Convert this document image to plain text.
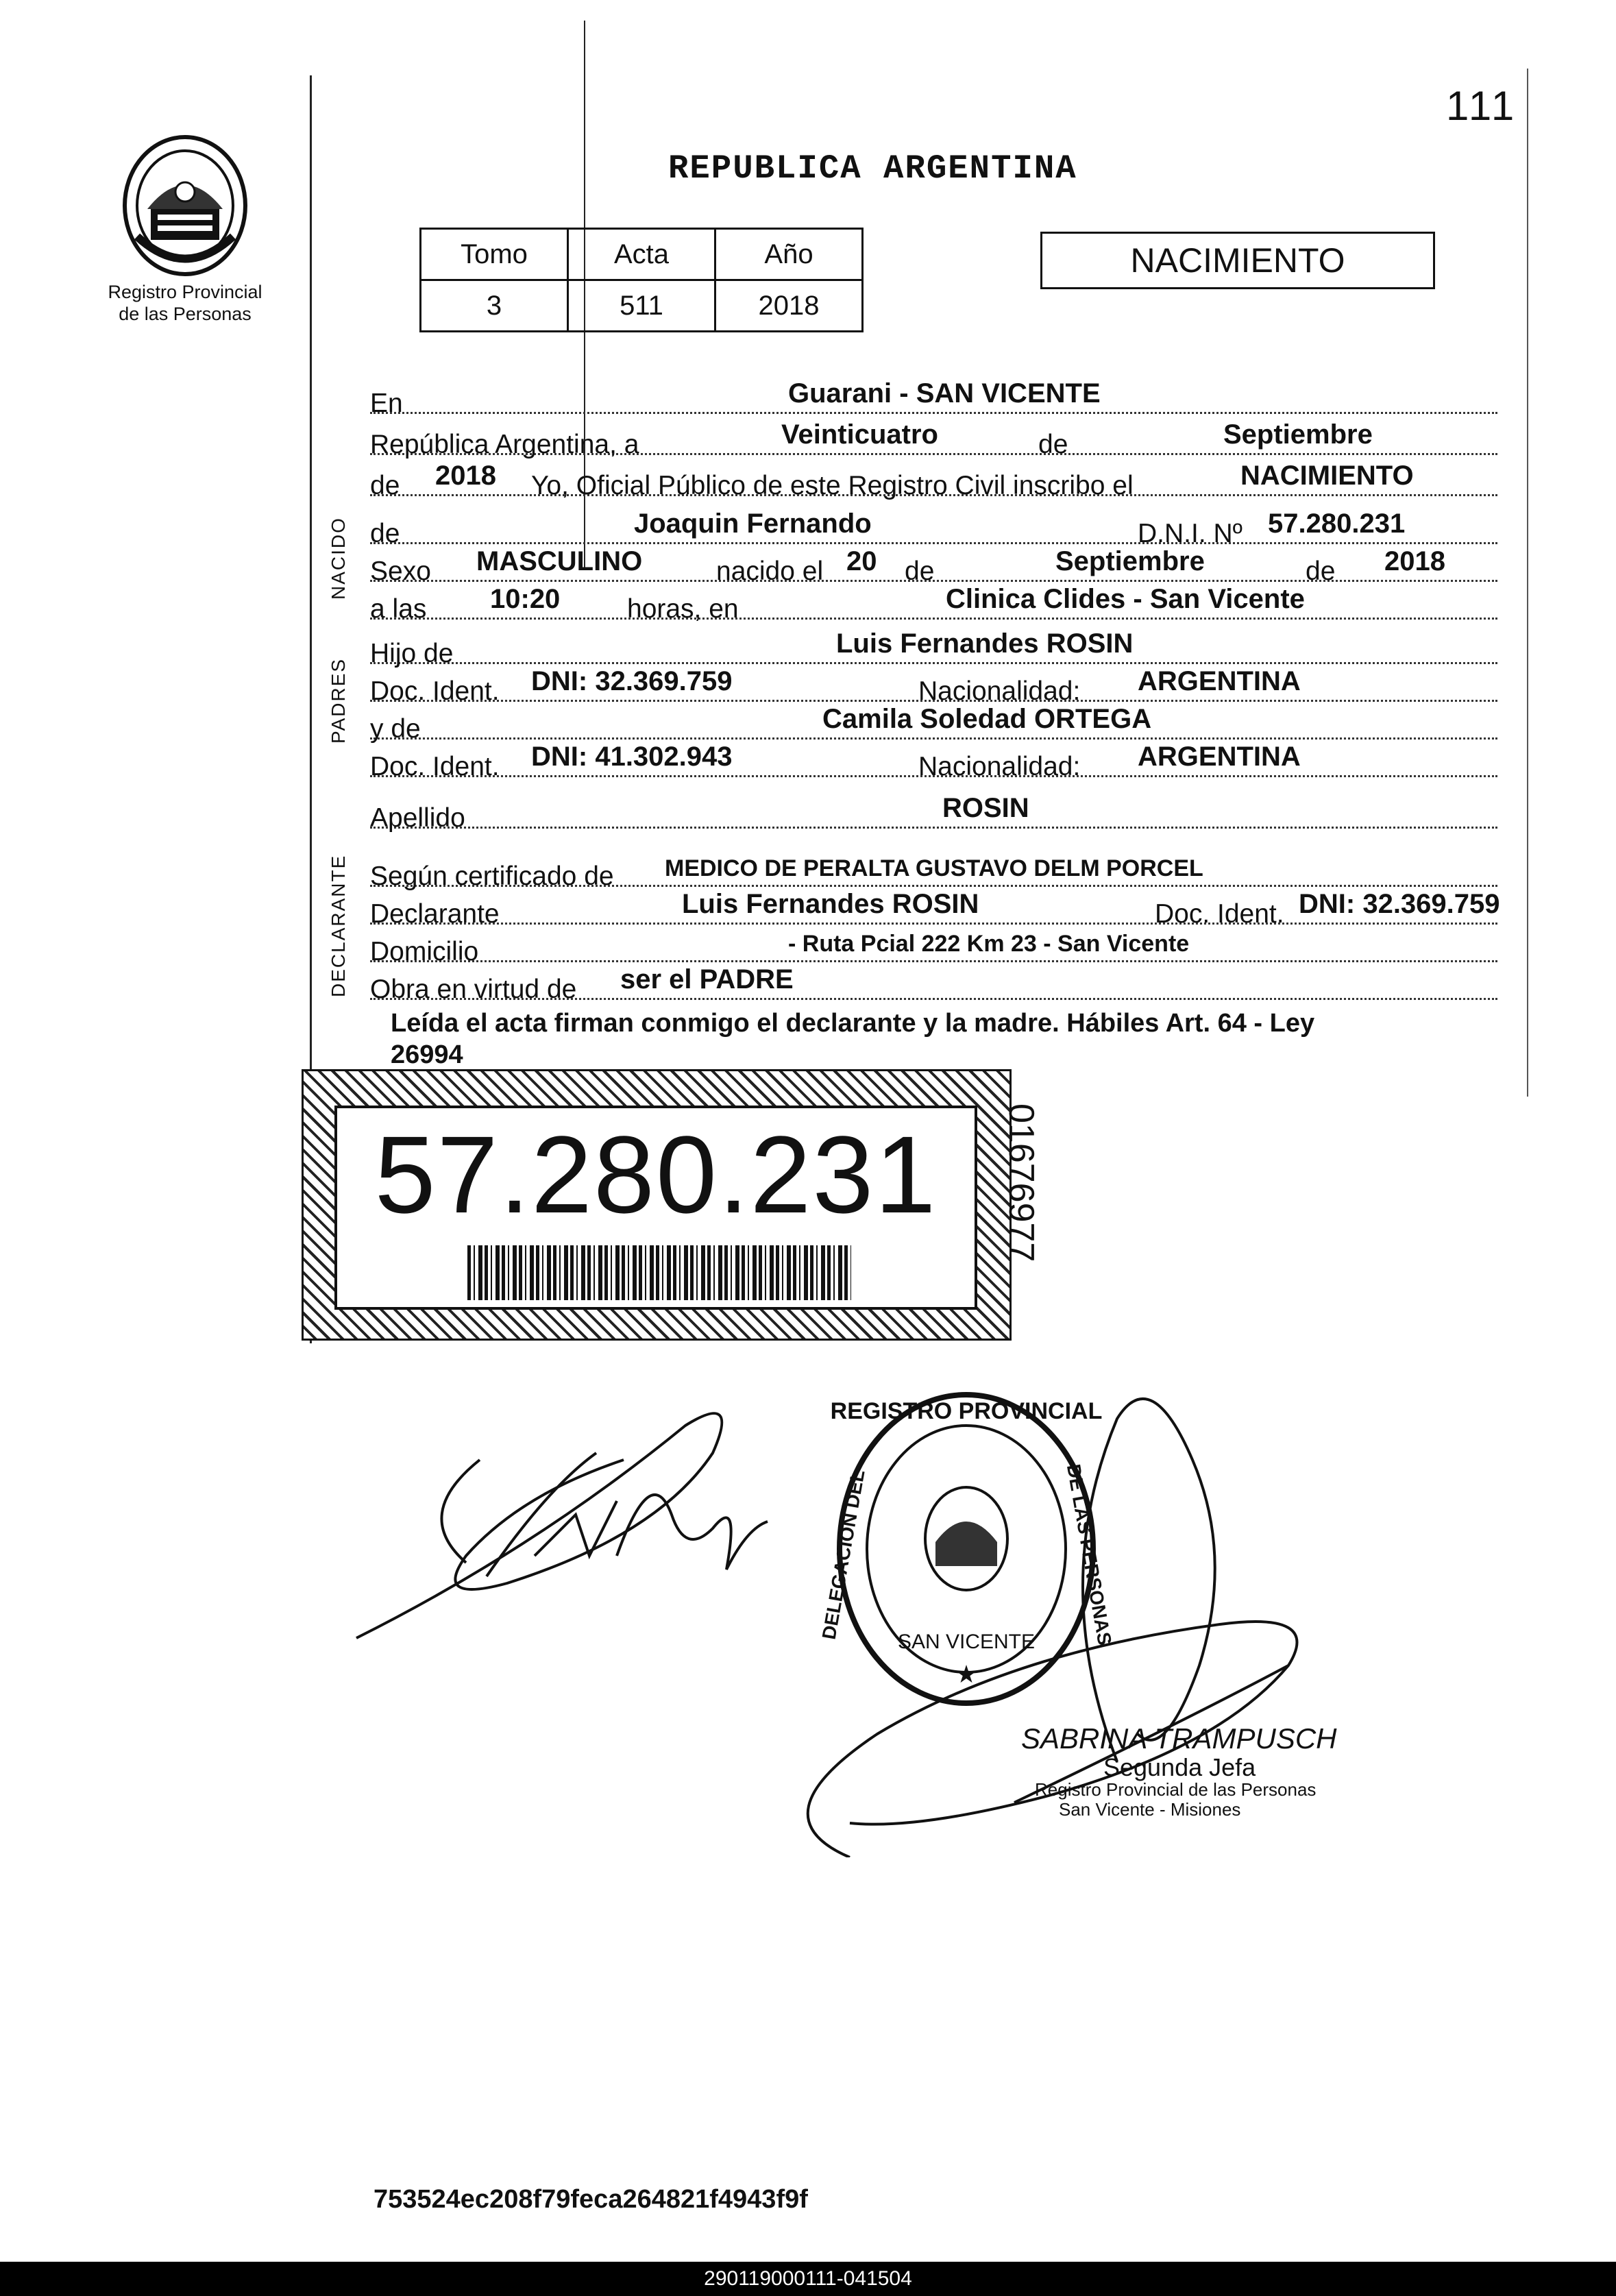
111
Registro Provincial
de las Personas
REPUBLICA ARGENTINA
Tomo	Acta	Año
3	511	2018
NACIMIENTO
En	Guarani - SAN VICENTE
República Argentina, a	Veinticuatro	de	Septiembre
de 2018 Yo, Oficial Público de este Registro Civil inscribo el	NACIMIENTO
NACIDO de	Joaquin Fernando	D.N.I. Nº 57.280.231
Sexo MASCULINO	nacido el 20 de	Septiembre	de 2018
a las 10:20	horas, en	Clinica Clides - San Vicente
PADRES
Hijo de	Luis Fernandes ROSIN
Doc. Ident. DNI: 32.369.759	Nacionalidad: ARGENTINA
y de	Camila Soledad ORTEGA
Doc. Ident. DNI: 41.302.943	Nacionalidad: ARGENTINA
Apellido	ROSIN
DECLARANTE Según certificado de MEDICO DE PERALTA GUSTAVO DELM PORCEL
Declarante	Luis Fernandes ROSIN	Doc. Ident. DNI: 32.369.759
Domicilio	- Ruta Pcial 222 Km 23 - San Vicente
Obra en virtud de ser el PADRE
Leída el acta firman conmigo el declarante y la madre. Hábiles Art. 64 - Ley
26994
57.280.231	01676977
REGISTRO PROVINCIAL
DELEGACION DEL	DE LAS PERSONAS
SAN VICENTE
★
SABRINA TRAMPUSCH
Segunda Jefa
Registro Provincial de las Personas
San Vicente - Misiones
753524ec208f79feca264821f4943f9f
290119000111-041504
